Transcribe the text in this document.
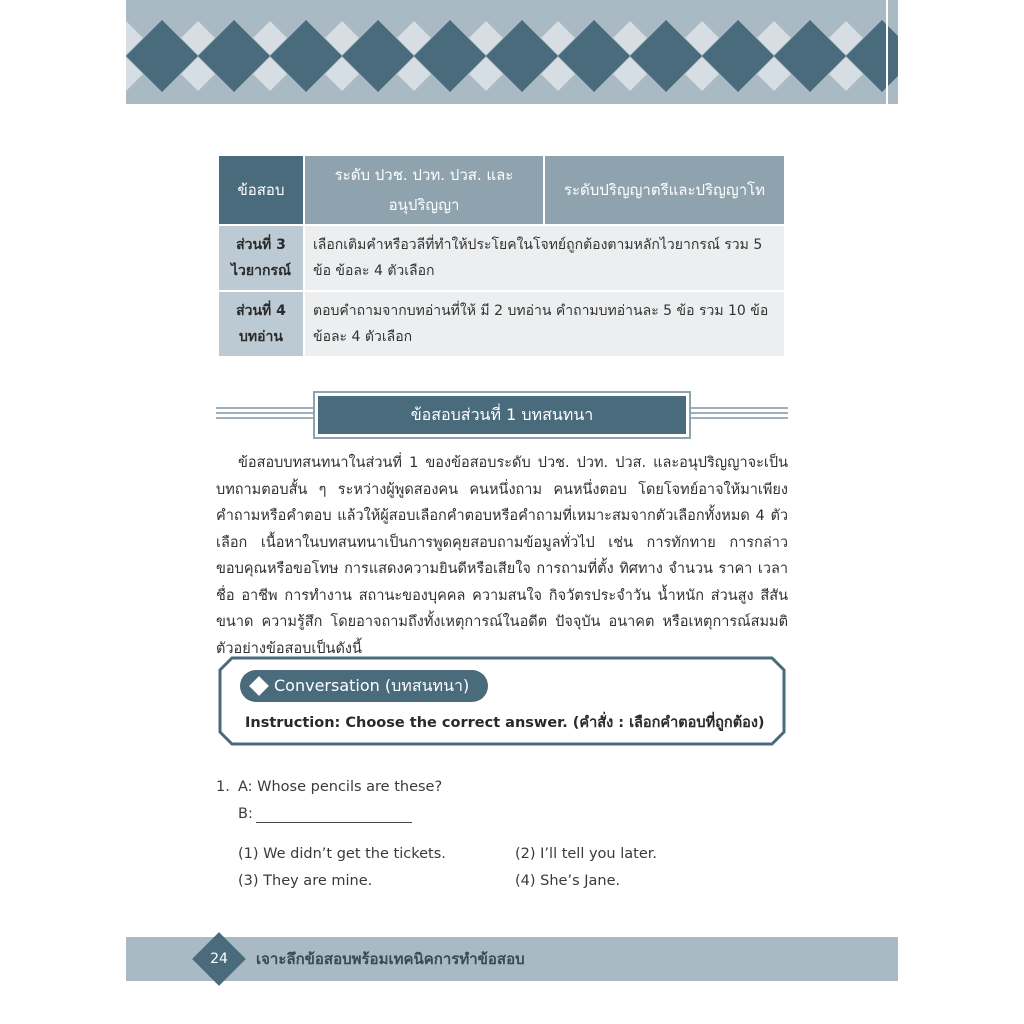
ข้อสอบ	ระดับ ปวช. ปวท. ปวส. และอนุปริญญา	ระดับปริญญาตรีและปริญญาโท

ส่วนที่ 3
ไวยากรณ์	เลือกเติมคำหรือวลีที่ทำให้ประโยคในโจทย์ถูกต้องตามหลักไวยากรณ์ รวม 5 ข้อ ข้อละ 4 ตัวเลือก	

ส่วนที่ 4
บทอ่าน	ตอบคำถามจากบทอ่านที่ให้ มี 2 บทอ่าน คำถามบทอ่านละ 5 ข้อ รวม 10 ข้อ ข้อละ 4 ตัวเลือก	
ข้อสอบส่วนที่ 1 บทสนทนา
ข้อสอบบทสนทนาในส่วนที่ 1 ของข้อสอบระดับ ปวช. ปวท. ปวส. และอนุปริญญาจะเป็นบทถามตอบสั้น ๆ ระหว่างผู้พูดสองคน คนหนึ่งถาม คนหนึ่งตอบ โดยโจทย์อาจให้มาเพียงคำถามหรือคำตอบ แล้วให้ผู้สอบเลือกคำตอบหรือคำถามที่เหมาะสมจากตัวเลือกทั้งหมด 4 ตัวเลือก เนื้อหาในบทสนทนาเป็นการพูดคุยสอบถามข้อมูลทั่วไป เช่น การทักทาย การกล่าวขอบคุณหรือขอโทษ การแสดงความยินดีหรือเสียใจ การถามที่ตั้ง ทิศทาง จำนวน ราคา เวลา ชื่อ อาชีพ การทำงาน สถานะของบุคคล ความสนใจ กิจวัตรประจำวัน น้ำหนัก ส่วนสูง สีสัน ขนาด ความรู้สึก โดยอาจถามถึงทั้งเหตุการณ์ในอดีต ปัจจุบัน อนาคต หรือเหตุการณ์สมมติ ตัวอย่างข้อสอบเป็นดังนี้
Conversation (บทสนทนา)
Instruction: Choose the correct answer. (คำสั่ง : เลือกคำตอบที่ถูกต้อง)
1. A: Whose pencils are these?
B:
(1) We didn’t get the tickets.	(2) I’ll tell you later.
(3) They are mine.	(4) She’s Jane.
24	เจาะลึกข้อสอบพร้อมเทคนิคการทำข้อสอบ
